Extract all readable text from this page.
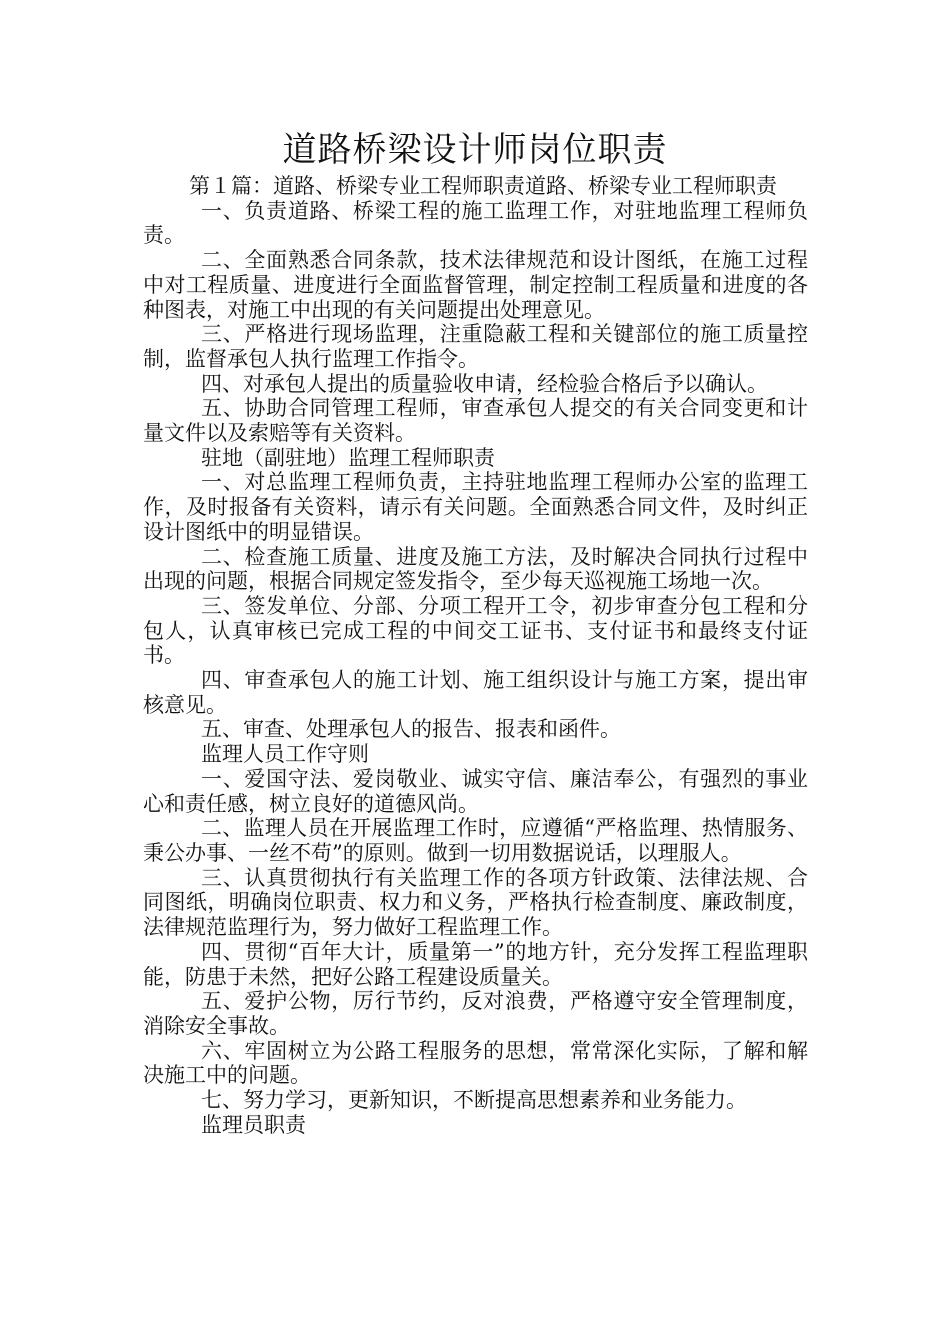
道路桥梁设计师岗位职责

第１篇：道路、桥梁专业工程师职责道路、桥梁专业工程师职责

一、负责道路、桥梁工程的施工监理工作，对驻地监理工程师负责。

二、全面熟悉合同条款，技术法律规范和设计图纸，在施工过程中对工程质量、进度进行全面监督管理，制定控制工程质量和进度的各种图表，对施工中出现的有关问题提出处理意见。

三、严格进行现场监理，注重隐蔽工程和关键部位的施工质量控制，监督承包人执行监理工作指令。

四、对承包人提出的质量验收申请，经检验合格后予以确认。

五、协助合同管理工程师，审查承包人提交的有关合同变更和计量文件以及索赔等有关资料。

驻地（副驻地）监理工程师职责

一、对总监理工程师负责，主持驻地监理工程师办公室的监理工作，及时报备有关资料，请示有关问题。全面熟悉合同文件，及时纠正设计图纸中的明显错误。

二、检查施工质量、进度及施工方法，及时解决合同执行过程中出现的问题，根据合同规定签发指令，至少每天巡视施工场地一次。

三、签发单位、分部、分项工程开工令，初步审查分包工程和分包人，认真审核已完成工程的中间交工证书、支付证书和最终支付证书。

四、审查承包人的施工计划、施工组织设计与施工方案，提出审核意见。

五、审查、处理承包人的报告、报表和函件。

监理人员工作守则

一、爱国守法、爱岗敬业、诚实守信、廉洁奉公，有强烈的事业心和责任感，树立良好的道德风尚。

二、监理人员在开展监理工作时，应遵循“严格监理、热情服务、秉公办事、一丝不苟”的原则。做到一切用数据说话，以理服人。

三、认真贯彻执行有关监理工作的各项方针政策、法律法规、合同图纸，明确岗位职责、权力和义务，严格执行检查制度、廉政制度，法律规范监理行为，努力做好工程监理工作。

四、贯彻“百年大计，质量第一”的地方针，充分发挥工程监理职能，防患于未然，把好公路工程建设质量关。

五、爱护公物，厉行节约，反对浪费，严格遵守安全管理制度，消除安全事故。

六、牢固树立为公路工程服务的思想，常常深化实际，了解和解决施工中的问题。

七、努力学习，更新知识，不断提高思想素养和业务能力。

监理员职责
